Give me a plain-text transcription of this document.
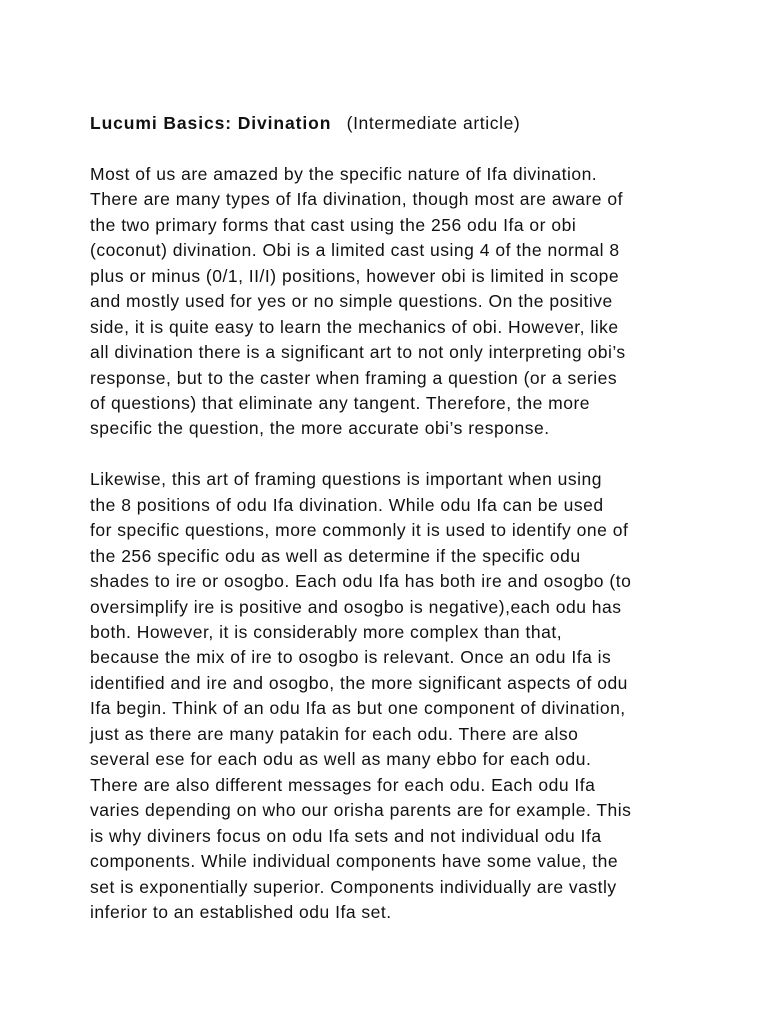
Lucumi Basics: Divination (Intermediate article)

Most of us are amazed by the specific nature of Ifa divination.
There are many types of Ifa divination, though most are aware of
the two primary forms that cast using the 256 odu Ifa or obi
(coconut) divination. Obi is a limited cast using 4 of the normal 8
plus or minus (0/1, II/I) positions, however obi is limited in scope
and mostly used for yes or no simple questions. On the positive
side, it is quite easy to learn the mechanics of obi. However, like
all divination there is a significant art to not only interpreting obi’s
response, but to the caster when framing a question (or a series
of questions) that eliminate any tangent. Therefore, the more
specific the question, the more accurate obi’s response.

Likewise, this art of framing questions is important when using
the 8 positions of odu Ifa divination. While odu Ifa can be used
for specific questions, more commonly it is used to identify one of
the 256 specific odu as well as determine if the specific odu
shades to ire or osogbo. Each odu Ifa has both ire and osogbo (to
oversimplify ire is positive and osogbo is negative),each odu has
both. However, it is considerably more complex than that,
because the mix of ire to osogbo is relevant. Once an odu Ifa is
identified and ire and osogbo, the more significant aspects of odu
Ifa begin. Think of an odu Ifa as but one component of divination,
just as there are many patakin for each odu. There are also
several ese for each odu as well as many ebbo for each odu.
There are also different messages for each odu. Each odu Ifa
varies depending on who our orisha parents are for example. This
is why diviners focus on odu Ifa sets and not individual odu Ifa
components. While individual components have some value, the
set is exponentially superior. Components individually are vastly
inferior to an established odu Ifa set.
